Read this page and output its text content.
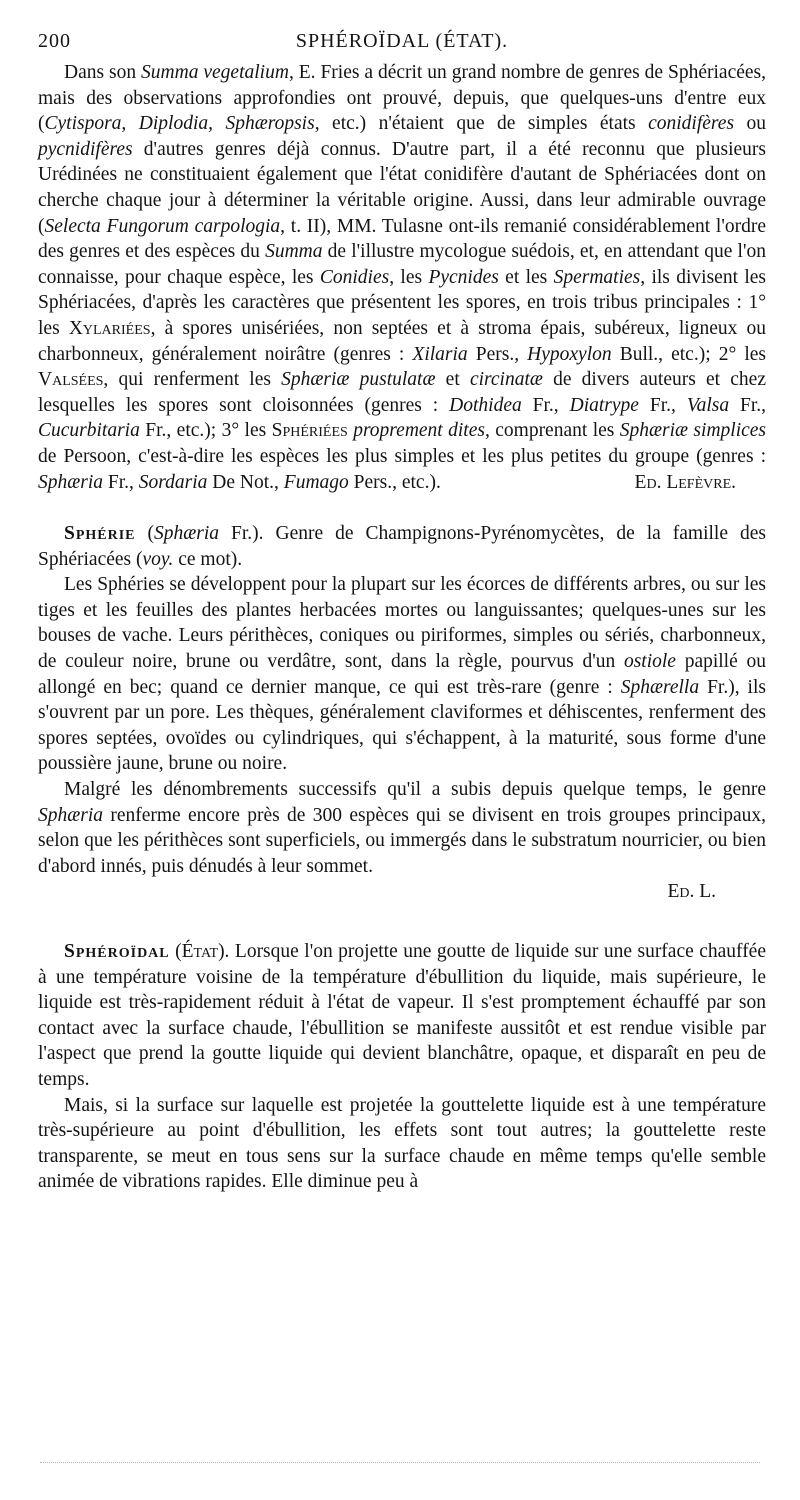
200	SPHÉROÏDAL (ÉTAT).

Dans son Summa vegetalium, E. Fries a décrit un grand nombre de genres de Sphériacées, mais des observations approfondies ont prouvé, depuis, que quelques-uns d'entre eux (Cytispora, Diplodia, Sphæropsis, etc.) n'étaient que de simples états conidifères ou pycnidifères d'autres genres déjà connus. D'autre part, il a été reconnu que plusieurs Urédinées ne constituaient également que l'état conidifère d'autant de Sphériacées dont on cherche chaque jour à déterminer la véritable origine. Aussi, dans leur admirable ouvrage (Selecta Fungorum carpologia, t. II), MM. Tulasne ont-ils remanié considérablement l'ordre des genres et des espèces du Summa de l'illustre mycologue suédois, et, en attendant que l'on connaisse, pour chaque espèce, les Conidies, les Pycnides et les Spermaties, ils divisent les Sphériacées, d'après les caractères que présentent les spores, en trois tribus principales : 1° les Xylariées, à spores unisériées, non septées et à stroma épais, subéreux, ligneux ou charbonneux, généralement noirâtre (genres : Xilaria Pers., Hypoxylon Bull., etc.); 2° les Valsées, qui renferment les Sphæriæ pustulatæ et circinatæ de divers auteurs et chez lesquelles les spores sont cloisonnées (genres : Dothidea Fr., Diatrype Fr., Valsa Fr., Cucurbitaria Fr., etc.); 3° les Sphériées proprement dites, comprenant les Sphæriæ simplices de Persoon, c'est-à-dire les espèces les plus simples et les plus petites du groupe (genres : Sphæria Fr., Sordaria De Not., Fumago Pers., etc.).	Ed. Lefèvre.

Sphérie (Sphæria Fr.). Genre de Champignons-Pyrénomycètes, de la famille des Sphériacées (voy. ce mot).

Les Sphéries se développent pour la plupart sur les écorces de différents arbres, ou sur les tiges et les feuilles des plantes herbacées mortes ou languissantes; quelques-unes sur les bouses de vache. Leurs périthèces, coniques ou piriformes, simples ou sériés, charbonneux, de couleur noire, brune ou verdâtre, sont, dans la règle, pourvus d'un ostiole papillé ou allongé en bec; quand ce dernier manque, ce qui est très-rare (genre : Sphærella Fr.), ils s'ouvrent par un pore. Les thèques, généralement claviformes et déhiscentes, renferment des spores septées, ovoïdes ou cylindriques, qui s'échappent, à la maturité, sous forme d'une poussière jaune, brune ou noire.

Malgré les dénombrements successifs qu'il a subis depuis quelque temps, le genre Sphæria renferme encore près de 300 espèces qui se divisent en trois groupes principaux, selon que les périthèces sont superficiels, ou immergés dans le substratum nourricier, ou bien d'abord innés, puis dénudés à leur sommet.

Ed. L.

Sphéroïdal (État). Lorsque l'on projette une goutte de liquide sur une surface chauffée à une température voisine de la température d'ébullition du liquide, mais supérieure, le liquide est très-rapidement réduit à l'état de vapeur. Il s'est promptement échauffé par son contact avec la surface chaude, l'ébullition se manifeste aussitôt et est rendue visible par l'aspect que prend la goutte liquide qui devient blanchâtre, opaque, et disparaît en peu de temps.

Mais, si la surface sur laquelle est projetée la gouttelette liquide est à une température très-supérieure au point d'ébullition, les effets sont tout autres; la gouttelette reste transparente, se meut en tous sens sur la surface chaude en même temps qu'elle semble animée de vibrations rapides. Elle diminue peu à
